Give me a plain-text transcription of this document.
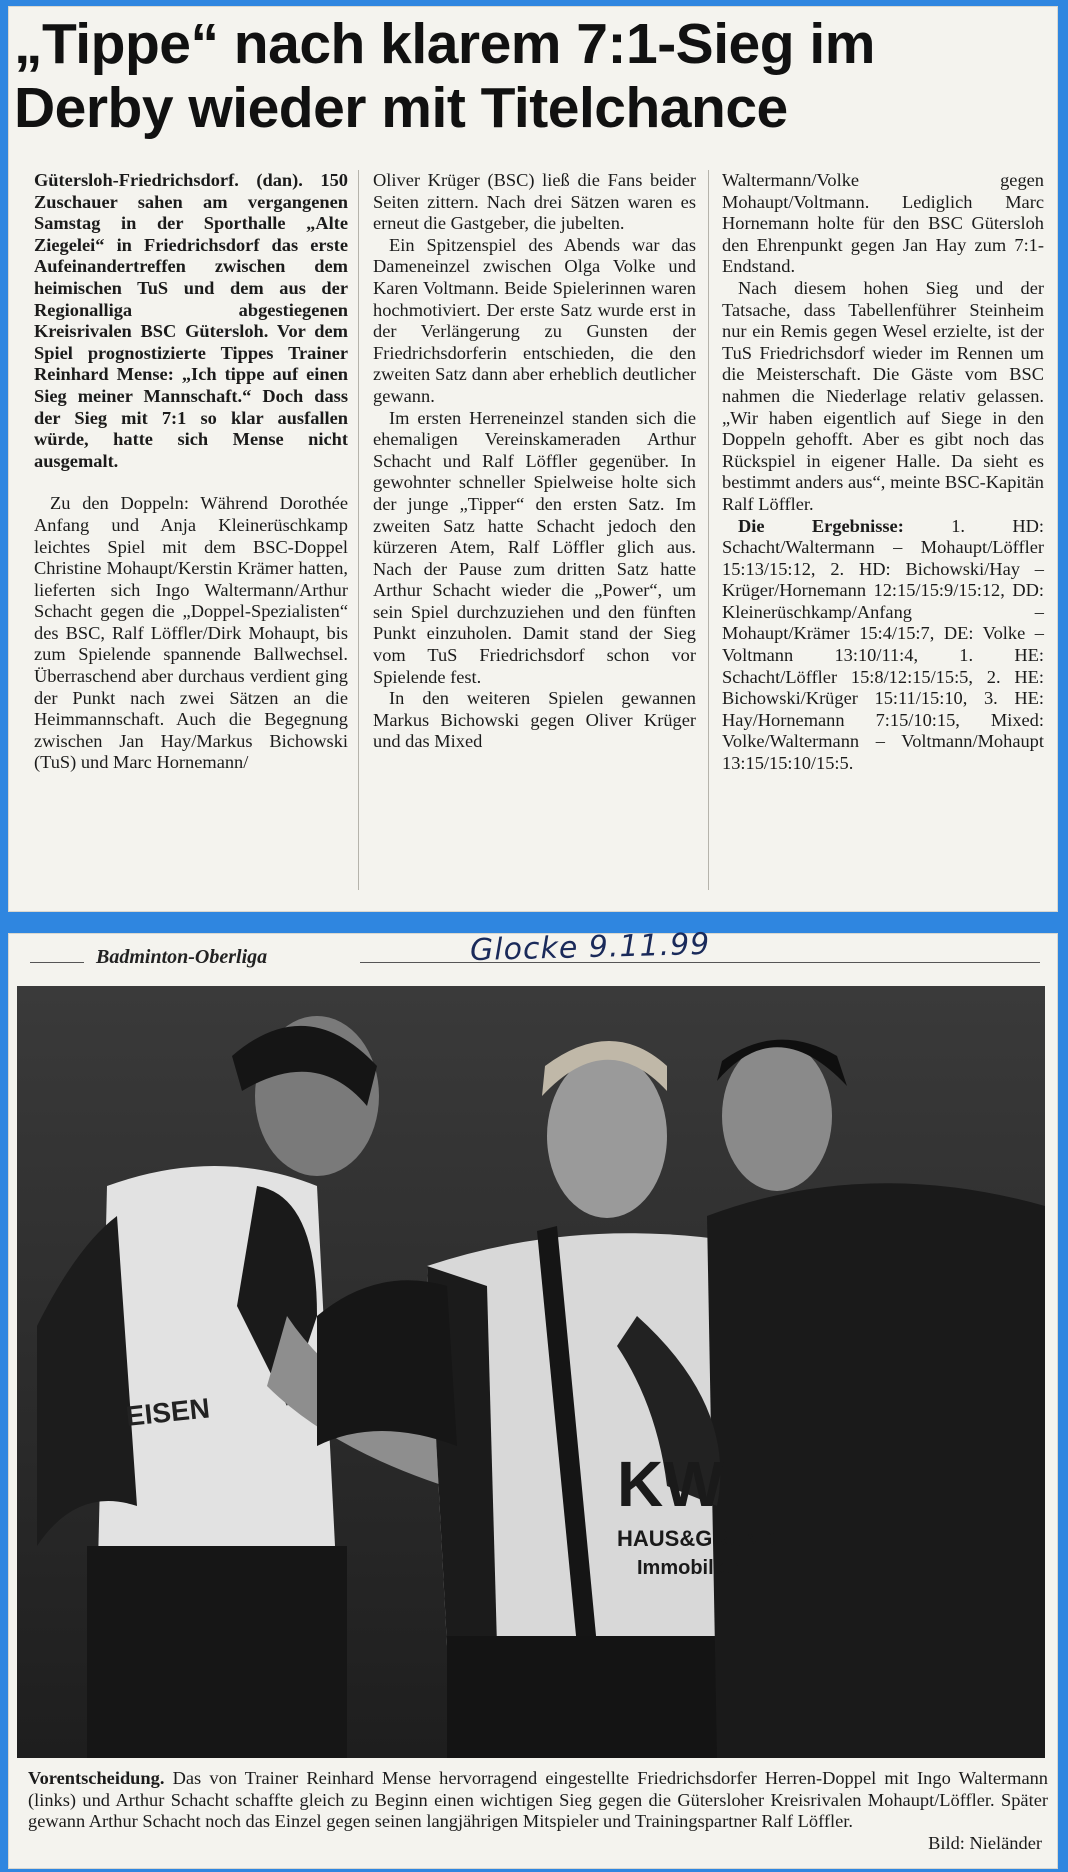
„Tippe“ nach klarem 7:1-Sieg im Derby wieder mit Titelchance

Gütersloh-Friedrichsdorf. (dan). 150 Zuschauer sahen am vergangenen Samstag in der Sporthalle „Alte Ziegelei“ in Friedrichsdorf das erste Aufeinandertreffen zwischen dem heimischen TuS und dem aus der Regionalliga abgestiegenen Kreisrivalen BSC Gütersloh. Vor dem Spiel prognostizierte Tippes Trainer Reinhard Mense: „Ich tippe auf einen Sieg meiner Mannschaft.“ Doch dass der Sieg mit 7:1 so klar ausfallen würde, hatte sich Mense nicht ausgemalt.

Zu den Doppeln: Während Dorothée Anfang und Anja Kleinerüschkamp leichtes Spiel mit dem BSC-Doppel Christine Mohaupt/Kerstin Krämer hatten, lieferten sich Ingo Waltermann/Arthur Schacht gegen die „Doppel-Spezialisten“ des BSC, Ralf Löffler/Dirk Mohaupt, bis zum Spielende spannende Ballwechsel. Überraschend aber durchaus verdient ging der Punkt nach zwei Sätzen an die Heimmannschaft. Auch die Begegnung zwischen Jan Hay/Markus Bichowski (TuS) und Marc Hornemann/

Oliver Krüger (BSC) ließ die Fans beider Seiten zittern. Nach drei Sätzen waren es erneut die Gastgeber, die jubelten.

Ein Spitzenspiel des Abends war das Dameneinzel zwischen Olga Volke und Karen Voltmann. Beide Spielerinnen waren hochmotiviert. Der erste Satz wurde erst in der Verlängerung zu Gunsten der Friedrichsdorferin entschieden, die den zweiten Satz dann aber erheblich deutlicher gewann.

Im ersten Herreneinzel standen sich die ehemaligen Vereinskameraden Arthur Schacht und Ralf Löffler gegenüber. In gewohnter schneller Spielweise holte sich der junge „Tipper“ den ersten Satz. Im zweiten Satz hatte Schacht jedoch den kürzeren Atem, Ralf Löffler glich aus. Nach der Pause zum dritten Satz hatte Arthur Schacht wieder die „Power“, um sein Spiel durchzuziehen und den fünften Punkt einzuholen. Damit stand der Sieg vom TuS Friedrichsdorf schon vor Spielende fest.

In den weiteren Spielen gewannen Markus Bichowski gegen Oliver Krüger und das Mixed

Waltermann/Volke gegen Mohaupt/Voltmann. Lediglich Marc Hornemann holte für den BSC Gütersloh den Ehrenpunkt gegen Jan Hay zum 7:1-Endstand.

Nach diesem hohen Sieg und der Tatsache, dass Tabellenführer Steinheim nur ein Remis gegen Wesel erzielte, ist der TuS Friedrichsdorf wieder im Rennen um die Meisterschaft. Die Gäste vom BSC nahmen die Niederlage relativ gelassen. „Wir haben eigentlich auf Siege in den Doppeln gehofft. Aber es gibt noch das Rückspiel in eigener Halle. Da sieht es bestimmt anders aus“, meinte BSC-Kapitän Ralf Löffler.

Die Ergebnisse:	1. HD: Schacht/Waltermann – Mohaupt/Löffler 15:13/15:12, 2. HD: Bichowski/Hay – Krüger/Hornemann 12:15/15:9/15:12, DD: Kleinerüschkamp/Anfang – Mohaupt/Krämer 15:4/15:7, DE: Volke – Voltmann 13:10/11:4, 1. HE: Schacht/Löffler 15:8/12:15/15:5, 2. HE: Bichowski/Krüger 15:11/15:10, 3. HE: Hay/Hornemann 7:15/10:15, Mixed: Volke/Waltermann – Voltmann/Mohaupt 13:15/15:10/15:5.

Badminton-Oberliga	Glocke 9.11.99
EISEN
KW
HAUS&GRUND
Immobilien
Vorentscheidung. Das von Trainer Reinhard Mense hervorragend eingestellte Friedrichsdorfer Herren-Doppel mit Ingo Waltermann (links) und Arthur Schacht schaffte gleich zu Beginn einen wichtigen Sieg gegen die Gütersloher Kreisrivalen Mohaupt/Löffler. Später gewann Arthur Schacht noch das Einzel gegen seinen langjährigen Mitspieler und Trainingspartner Ralf Löffler.
Bild: Nieländer
